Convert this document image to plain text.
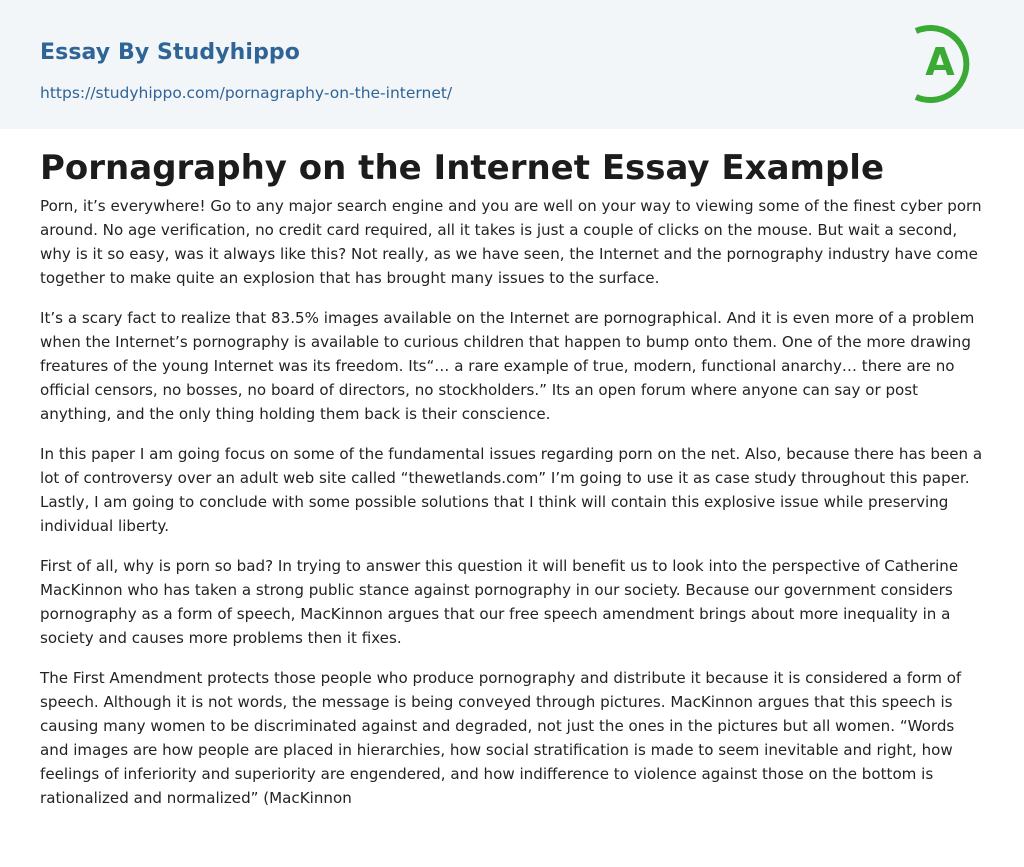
Essay By Studyhippo
https://studyhippo.com/pornagraphy-on-the-internet/
A
Pornagraphy on the Internet Essay Example

Porn, it’s everywhere! Go to any major search engine and you are well on your way to viewing some of the finest cyber porn around. No age verification, no credit card required, all it takes is just a couple of clicks on the mouse. But wait a second, why is it so easy, was it always like this? Not really, as we have seen, the Internet and the pornography industry have come together to make quite an explosion that has brought many issues to the surface.

It’s a scary fact to realize that 83.5% images available on the Internet are pornographical. And it is even more of a problem when the Internet’s pornography is available to curious children that happen to bump onto them. One of the more drawing freatures of the young Internet was its freedom. Its“… a rare example of true, modern, functional anarchy… there are no official censors, no bosses, no board of directors, no stockholders.” Its an open forum where anyone can say or post anything, and the only thing holding them back is their conscience.

In this paper I am going focus on some of the fundamental issues regarding porn on the net. Also, because there has been a lot of controversy over an adult web site called “thewetlands.com” I’m going to use it as case study throughout this paper. Lastly, I am going to conclude with some possible solutions that I think will contain this explosive issue while preserving individual liberty.

First of all, why is porn so bad? In trying to answer this question it will benefit us to look into the perspective of Catherine MacKinnon who has taken a strong public stance against pornography in our society. Because our government considers pornography as a form of speech, MacKinnon argues that our free speech amendment brings about more inequality in a society and causes more problems then it fixes.

The First Amendment protects those people who produce pornography and distribute it because it is considered a form of speech. Although it is not words, the message is being conveyed through pictures. MacKinnon argues that this speech is causing many women to be discriminated against and degraded, not just the ones in the pictures but all women. “Words and images are how people are placed in hierarchies, how social stratification is made to seem inevitable and right, how feelings of inferiority and superiority are engendered, and how indifference to violence against those on the bottom is rationalized and normalized” (MacKinnon
